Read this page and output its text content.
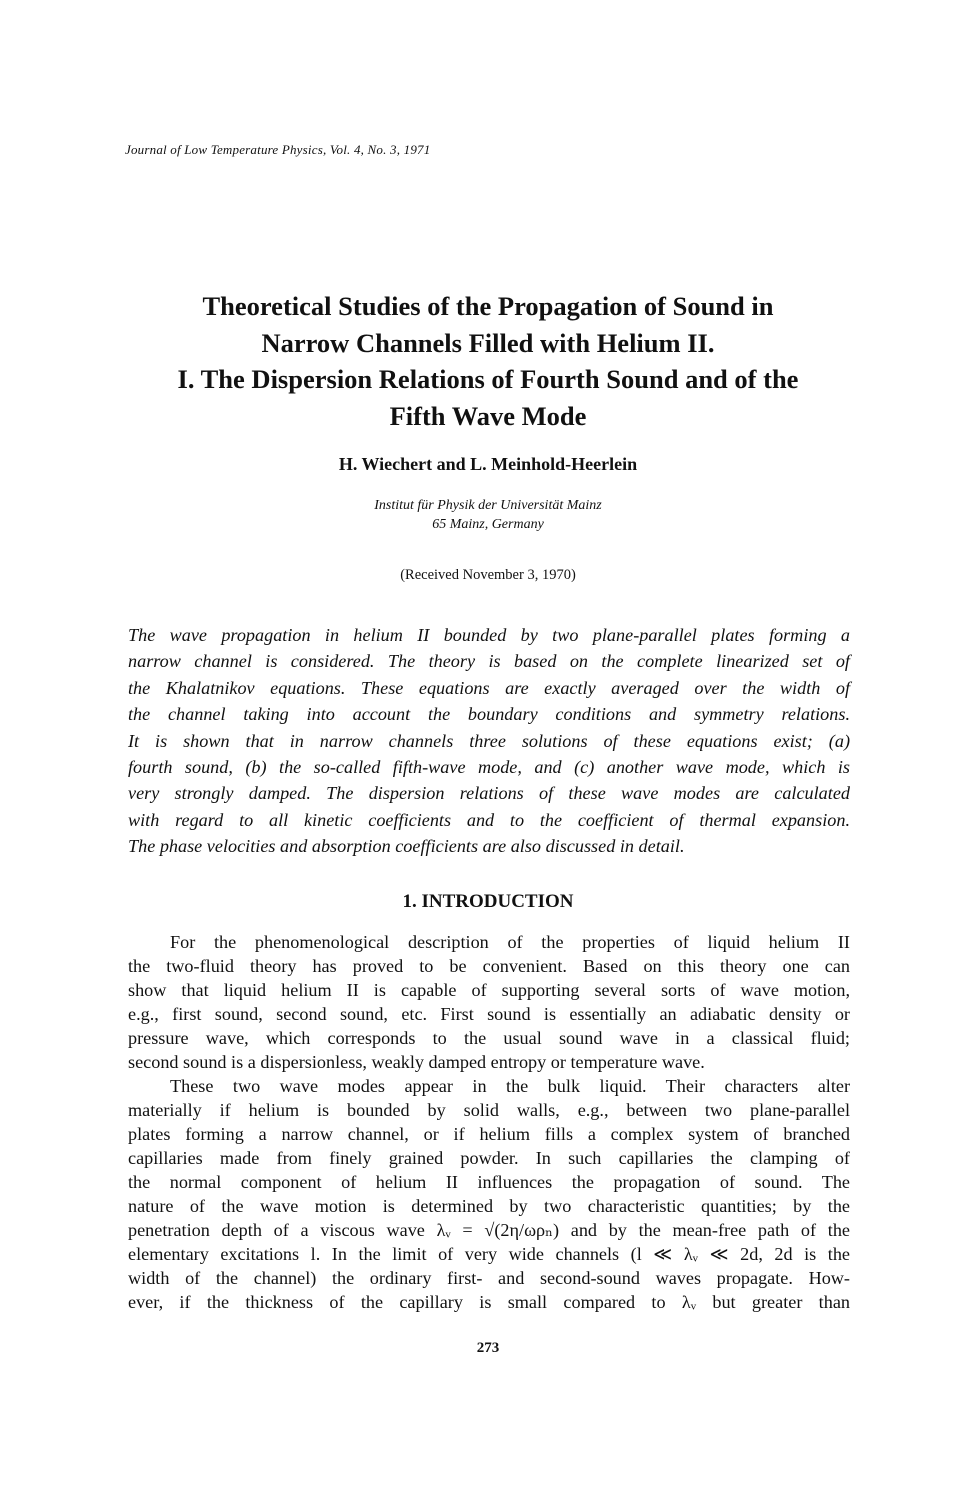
Journal of Low Temperature Physics, Vol. 4, No. 3, 1971
Theoretical Studies of the Propagation of Sound in
Narrow Channels Filled with Helium II.
I. The Dispersion Relations of Fourth Sound and of the
Fifth Wave Mode
H. Wiechert and L. Meinhold-Heerlein
Institut für Physik der Universität Mainz
65 Mainz, Germany
(Received November 3, 1970)
The wave propagation in helium II bounded by two plane-parallel plates forming a
narrow channel is considered. The theory is based on the complete linearized set of
the Khalatnikov equations. These equations are exactly averaged over the width of
the channel taking into account the boundary conditions and symmetry relations.
It is shown that in narrow channels three solutions of these equations exist; (a)
fourth sound, (b) the so-called fifth-wave mode, and (c) another wave mode, which is
very strongly damped. The dispersion relations of these wave modes are calculated
with regard to all kinetic coefficients and to the coefficient of thermal expansion.
The phase velocities and absorption coefficients are also discussed in detail.
1. INTRODUCTION
For the phenomenological description of the properties of liquid helium II
the two-fluid theory has proved to be convenient. Based on this theory one can
show that liquid helium II is capable of supporting several sorts of wave motion,
e.g., first sound, second sound, etc. First sound is essentially an adiabatic density or
pressure wave, which corresponds to the usual sound wave in a classical fluid;
second sound is a dispersionless, weakly damped entropy or temperature wave.
These two wave modes appear in the bulk liquid. Their characters alter
materially if helium is bounded by solid walls, e.g., between two plane-parallel
plates forming a narrow channel, or if helium fills a complex system of branched
capillaries made from finely grained powder. In such capillaries the clamping of
the normal component of helium II influences the propagation of sound. The
nature of the wave motion is determined by two characteristic quantities; by the
penetration depth of a viscous wave λᵥ = √(2η/ωρₙ) and by the mean-free path of the
elementary excitations l. In the limit of very wide channels (l ≪ λᵥ ≪ 2d, 2d is the
width of the channel) the ordinary first- and second-sound waves propagate. How-
ever, if the thickness of the capillary is small compared to λᵥ but greater than
273
